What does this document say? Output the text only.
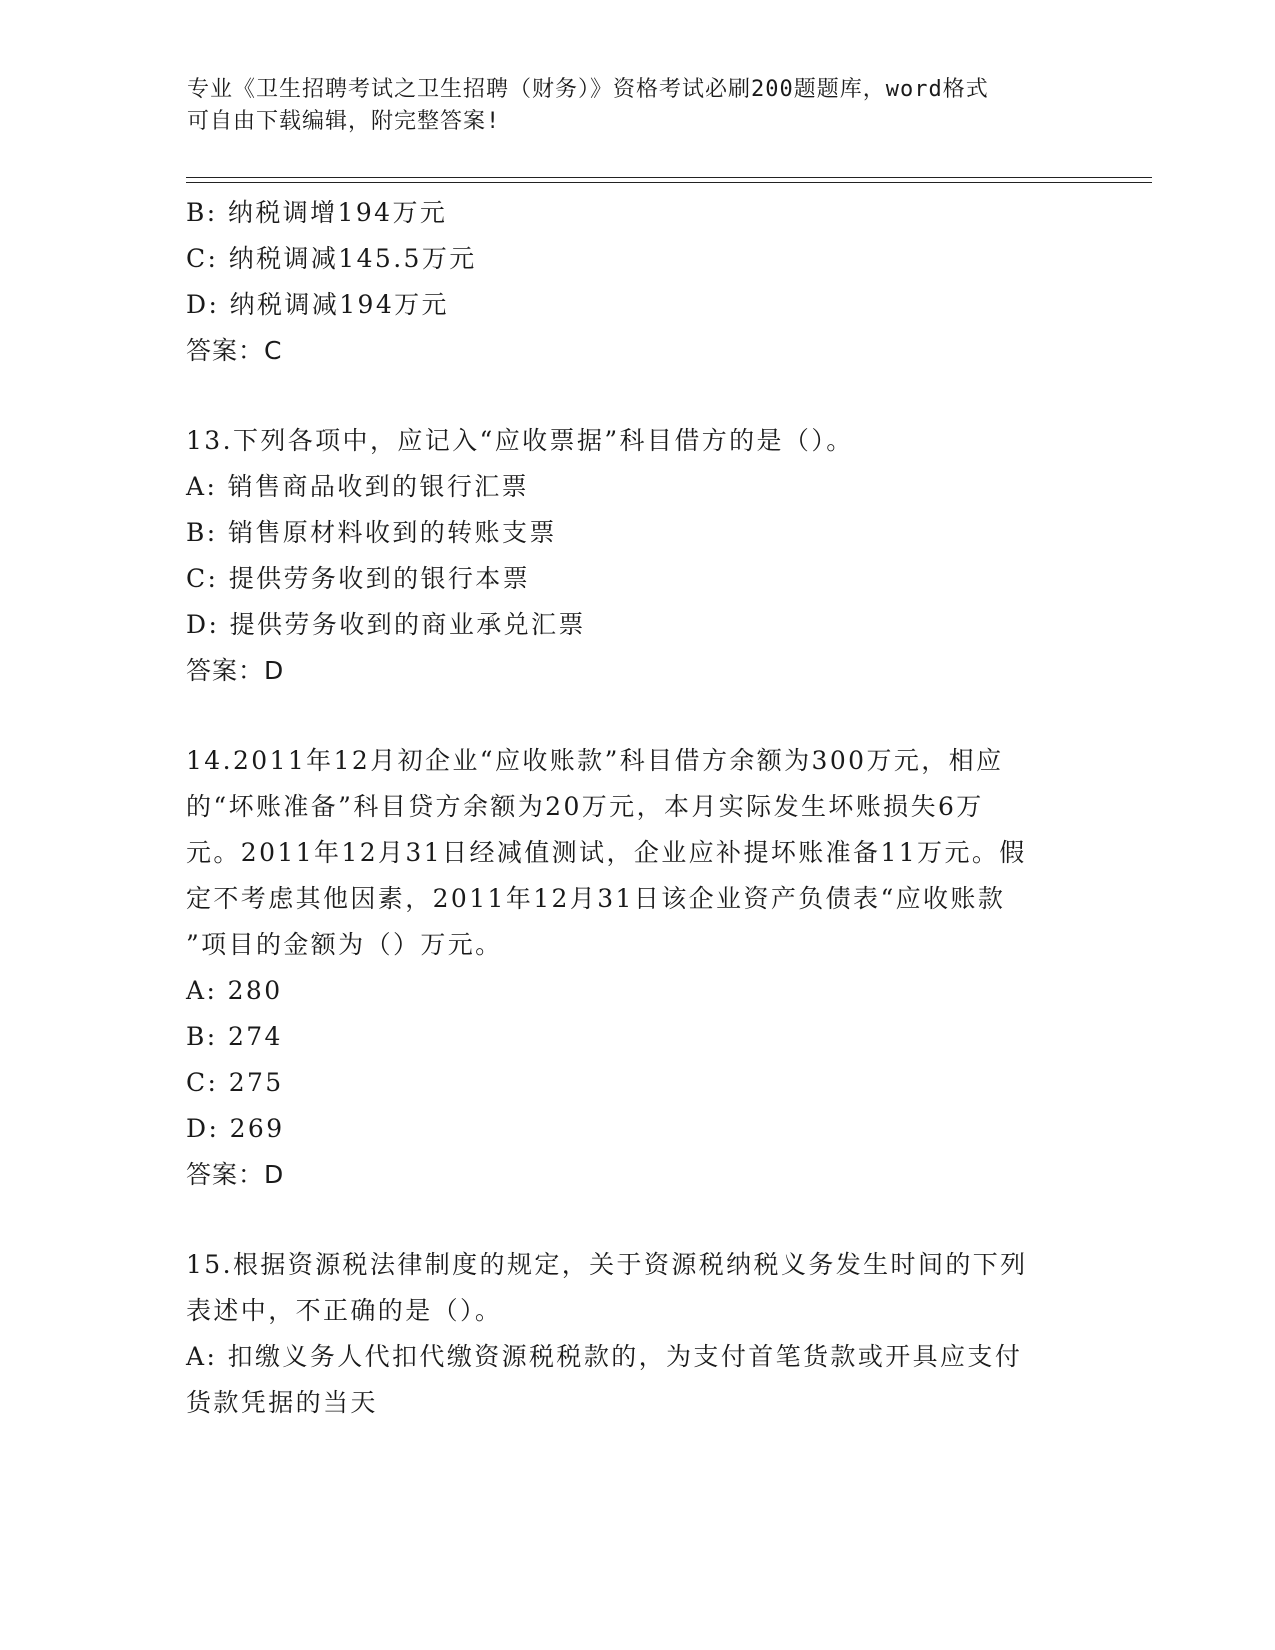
专业《卫生招聘考试之卫生招聘（财务）》资格考试必刷200题题库，word格式
可自由下载编辑，附完整答案!
B: 纳税调增194万元
C: 纳税调减145.5万元
D: 纳税调减194万元
答案：C
13.下列各项中，应记入“应收票据”科目借方的是（）。
A: 销售商品收到的银行汇票
B: 销售原材料收到的转账支票
C: 提供劳务收到的银行本票
D: 提供劳务收到的商业承兑汇票
答案：D
14.2011年12月初企业“应收账款”科目借方余额为300万元，相应
的“坏账准备”科目贷方余额为20万元，本月实际发生坏账损失6万
元。2011年12月31日经减值测试，企业应补提坏账准备11万元。假
定不考虑其他因素，2011年12月31日该企业资产负债表“应收账款
”项目的金额为（）万元。
A: 280
B: 274
C: 275
D: 269
答案：D
15.根据资源税法律制度的规定，关于资源税纳税义务发生时间的下列
表述中，不正确的是（）。
A: 扣缴义务人代扣代缴资源税税款的，为支付首笔货款或开具应支付
货款凭据的当天
